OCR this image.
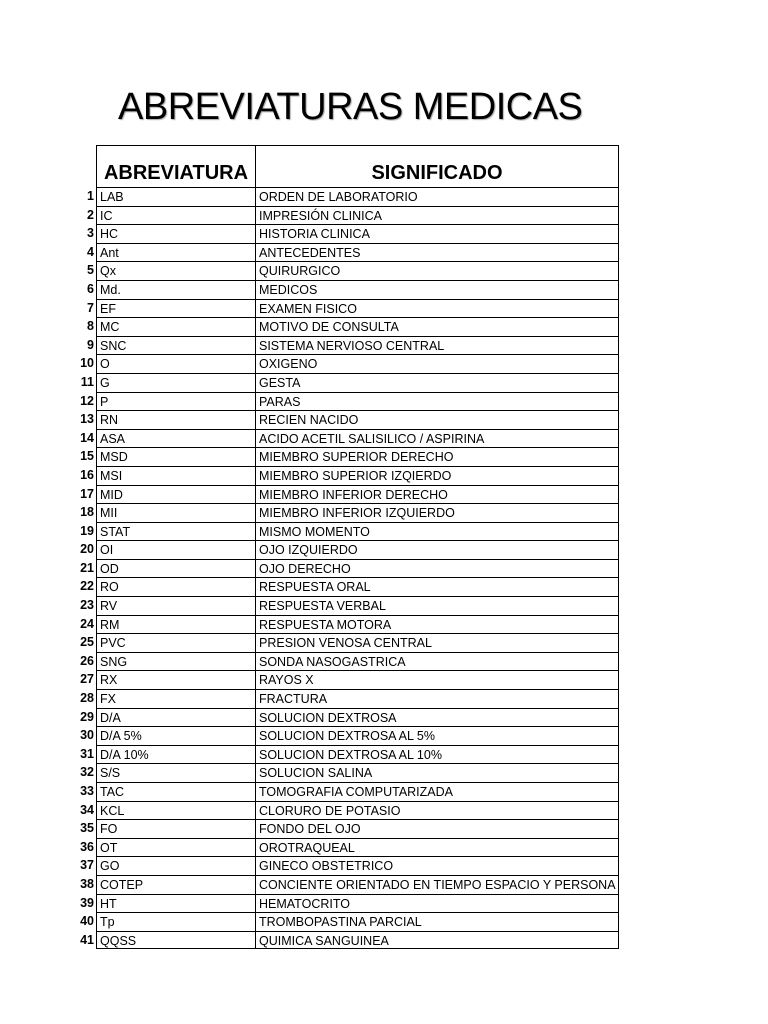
ABREVIATURAS MEDICAS
ABREVIATURA	SIGNIFICADO
1 LAB	ORDEN DE LABORATORIO
2 IC	IMPRESIÓN CLINICA
3 HC	HISTORIA CLINICA
4 Ant	ANTECEDENTES
5 Qx	QUIRURGICO
6 Md.	MEDICOS
7 EF	EXAMEN FISICO
8 MC	MOTIVO DE CONSULTA
9 SNC	SISTEMA NERVIOSO CENTRAL
10 O	OXIGENO
11 G	GESTA
12 P	PARAS
13 RN	RECIEN NACIDO
14 ASA	ACIDO ACETIL SALISILICO / ASPIRINA
15 MSD	MIEMBRO SUPERIOR DERECHO
16 MSI	MIEMBRO SUPERIOR IZQIERDO
17 MID	MIEMBRO INFERIOR DERECHO
18 MII	MIEMBRO INFERIOR IZQUIERDO
19 STAT	MISMO MOMENTO
20 OI	OJO IZQUIERDO
21 OD	OJO DERECHO
22 RO	RESPUESTA ORAL
23 RV	RESPUESTA VERBAL
24 RM	RESPUESTA MOTORA
25 PVC	PRESION VENOSA CENTRAL
26 SNG	SONDA NASOGASTRICA
27 RX	RAYOS X
28 FX	FRACTURA
29 D/A	SOLUCION DEXTROSA
30 D/A 5%	SOLUCION DEXTROSA AL 5%
31 D/A 10%	SOLUCION DEXTROSA AL 10%
32 S/S	SOLUCION SALINA
33 TAC	TOMOGRAFIA COMPUTARIZADA
34 KCL	CLORURO DE POTASIO
35 FO	FONDO DEL OJO
36 OT	OROTRAQUEAL
37 GO	GINECO OBSTETRICO
38 COTEP	CONCIENTE ORIENTADO EN TIEMPO ESPACIO Y PERSONA
39 HT	HEMATOCRITO
40 Tp	TROMBOPASTINA PARCIAL
41 QQSS	QUIMICA SANGUINEA
